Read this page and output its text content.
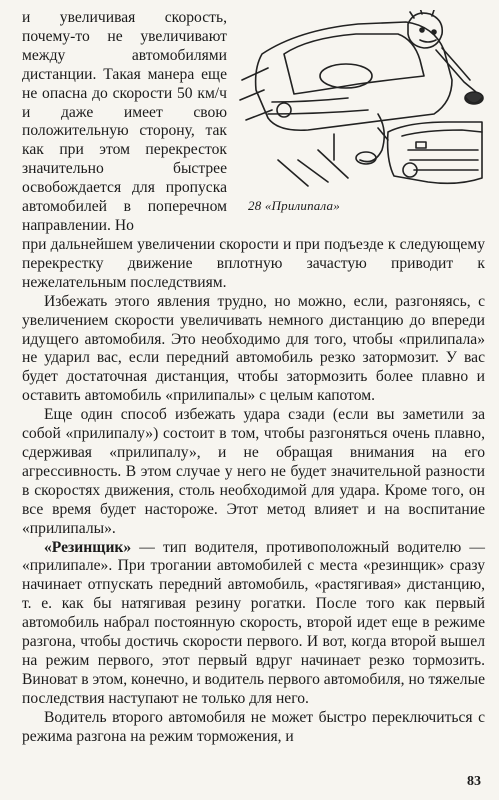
и увеличивая скорость, почему-то не увеличивают между автомобилями дистанции. Такая манера еще не опасна до скорости 50 км/ч и даже имеет свою положительную сторону, так как при этом перекресток значительно быстрее освобождается для пропуска автомобилей в поперечном направлении. Но

28 «Прилипала»

при дальнейшем увеличении скорости и при подъезде к следующему перекрестку движение вплотную зачастую приводит к нежелательным последствиям.

Избежать этого явления трудно, но можно, если, разгоняясь, с увеличением скорости увеличивать немного дистанцию до впереди идущего автомобиля. Это необходимо для того, чтобы «прилипала» не ударил вас, если передний автомобиль резко затормозит. У вас будет достаточная дистанция, чтобы затормозить более плавно и оставить автомобиль «прилипалы» с целым капотом.

Еще один способ избежать удара сзади (если вы заметили за собой «прилипалу») состоит в том, чтобы разгоняться очень плавно, сдерживая «прилипалу», и не обращая внимания на его агрессивность. В этом случае у него не будет значительной разности в скоростях движения, столь необходимой для удара. Кроме того, он все время будет настороже. Этот метод влияет и на воспитание «прилипалы».

«Резинщик» — тип водителя, противоположный водителю — «прилипале». При трогании автомобилей с места «резинщик» сразу начинает отпускать передний автомобиль, «растягивая» дистанцию, т. е. как бы натягивая резину рогатки. После того как первый автомобиль набрал постоянную скорость, второй идет еще в режиме разгона, чтобы достичь скорости первого. И вот, когда второй вышел на режим первого, этот первый вдруг начинает резко тормозить. Виноват в этом, конечно, и водитель первого автомобиля, но тяжелые последствия наступают не только для него.

Водитель второго автомобиля не может быстро переключиться с режима разгона на режим торможения, и

83
